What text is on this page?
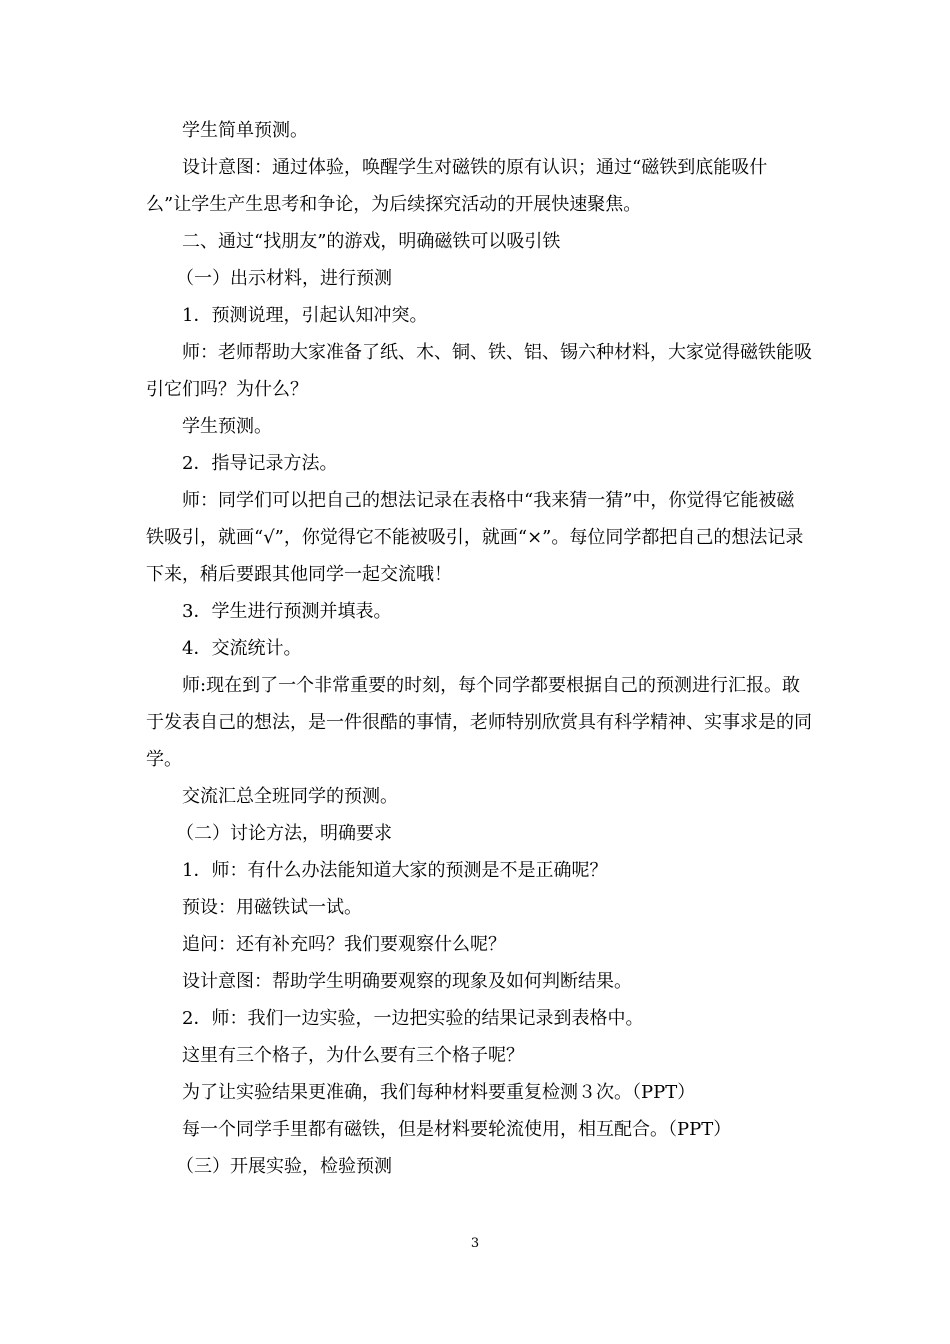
学生简单预测。

设计意图：通过体验，唤醒学生对磁铁的原有认识；通过“磁铁到底能吸什么”让学生产生思考和争论，为后续探究活动的开展快速聚焦。

二、通过“找朋友”的游戏，明确磁铁可以吸引铁

（一）出示材料，进行预测

1．预测说理，引起认知冲突。

师：老师帮助大家准备了纸、木、铜、铁、铝、锡六种材料，大家觉得磁铁能吸引它们吗？为什么？

学生预测。

2．指导记录方法。

师：同学们可以把自己的想法记录在表格中“我来猜一猜”中，你觉得它能被磁铁吸引，就画“√”，你觉得它不能被吸引，就画“×”。每位同学都把自己的想法记录下来，稍后要跟其他同学一起交流哦！

3．学生进行预测并填表。

4．交流统计。

师:现在到了一个非常重要的时刻，每个同学都要根据自己的预测进行汇报。敢于发表自己的想法，是一件很酷的事情，老师特别欣赏具有科学精神、实事求是的同学。

交流汇总全班同学的预测。

（二）讨论方法，明确要求

1．师：有什么办法能知道大家的预测是不是正确呢？

预设：用磁铁试一试。

追问：还有补充吗？我们要观察什么呢？

设计意图：帮助学生明确要观察的现象及如何判断结果。

2．师：我们一边实验，一边把实验的结果记录到表格中。

这里有三个格子，为什么要有三个格子呢？

为了让实验结果更准确，我们每种材料要重复检测３次。（PPT）

每一个同学手里都有磁铁，但是材料要轮流使用，相互配合。（PPT）

（三）开展实验，检验预测

3
